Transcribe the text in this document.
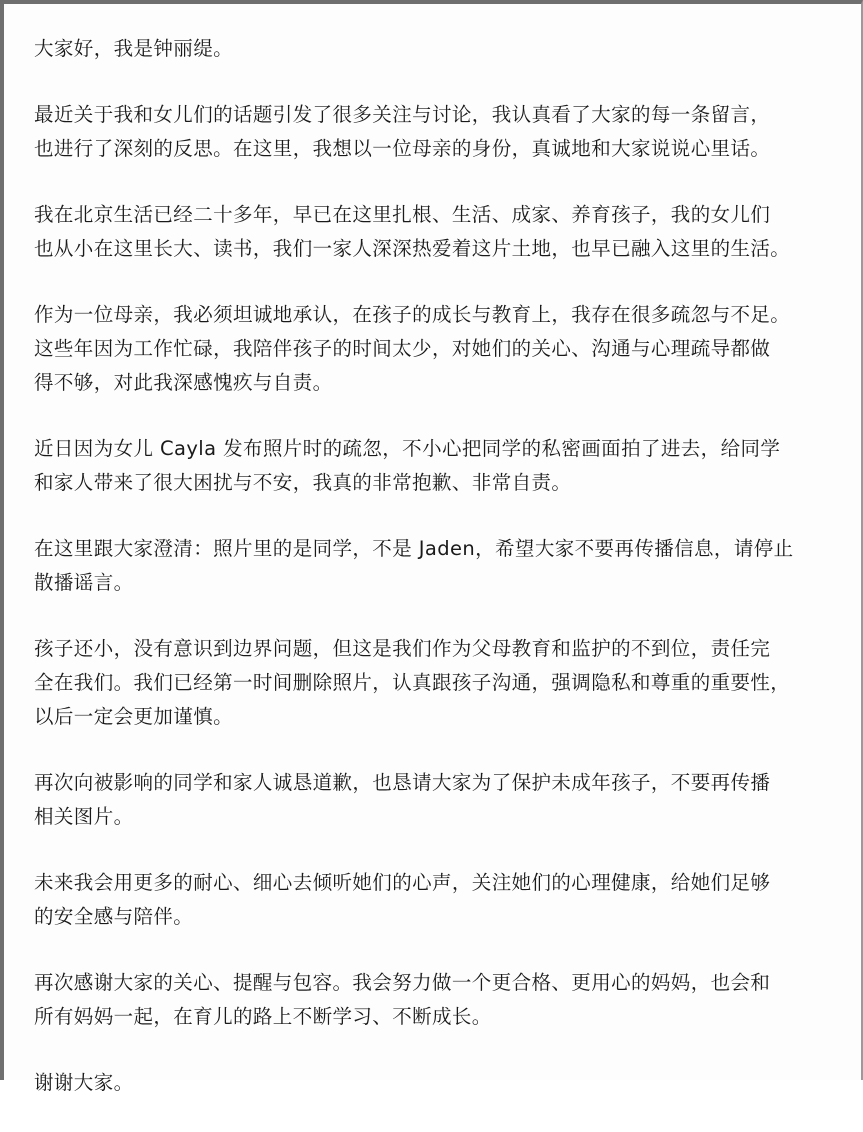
大家好，我是钟丽缇。

最近关于我和女儿们的话题引发了很多关注与讨论，我认真看了大家的每一条留言，
也进行了深刻的反思。在这里，我想以一位母亲的身份，真诚地和大家说说心里话。

我在北京生活已经二十多年，早已在这里扎根、生活、成家、养育孩子，我的女儿们
也从小在这里长大、读书，我们一家人深深热爱着这片土地，也早已融入这里的生活。

作为一位母亲，我必须坦诚地承认，在孩子的成长与教育上，我存在很多疏忽与不足。
这些年因为工作忙碌，我陪伴孩子的时间太少，对她们的关心、沟通与心理疏导都做
得不够，对此我深感愧疚与自责。

近日因为女儿 Cayla 发布照片时的疏忽，不小心把同学的私密画面拍了进去，给同学
和家人带来了很大困扰与不安，我真的非常抱歉、非常自责。

在这里跟大家澄清：照片里的是同学，不是 Jaden，希望大家不要再传播信息，请停止
散播谣言。

孩子还小，没有意识到边界问题，但这是我们作为父母教育和监护的不到位，责任完
全在我们。我们已经第一时间删除照片，认真跟孩子沟通，强调隐私和尊重的重要性，
以后一定会更加谨慎。

再次向被影响的同学和家人诚恳道歉，也恳请大家为了保护未成年孩子，不要再传播
相关图片。

未来我会用更多的耐心、细心去倾听她们的心声，关注她们的心理健康，给她们足够
的安全感与陪伴。

再次感谢大家的关心、提醒与包容。我会努力做一个更合格、更用心的妈妈，也会和
所有妈妈一起，在育儿的路上不断学习、不断成长。

谢谢大家。
